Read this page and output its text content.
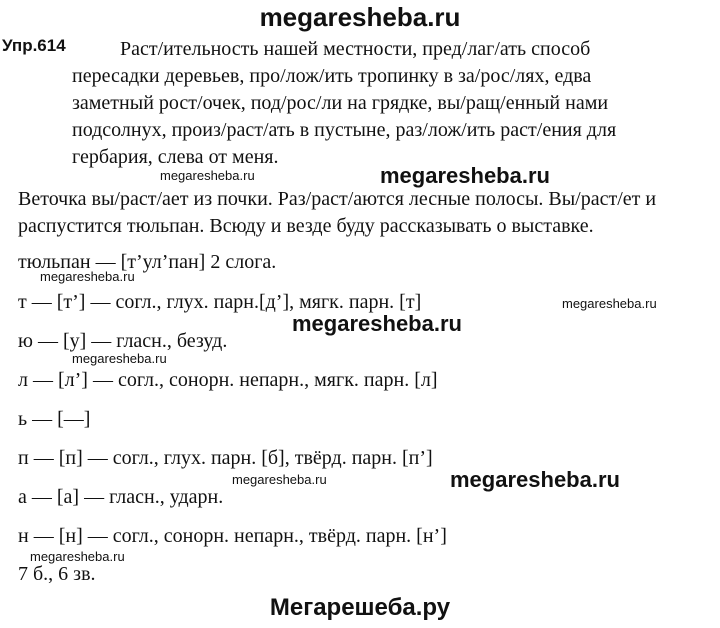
megaresheba.ru
Упр.614	Раст/ительность нашей местности, пред/лаг/ать способ
пересадки деревьев, про/лож/ить тропинку в за/рос/лях, едва
заметный рост/очек, под/рос/ли на грядке, вы/ращ/енный нами
подсолнух, произ/раст/ать в пустыне, раз/лож/ить раст/ения для
гербария, слева от меня.
Веточка вы/раст/ает из почки. Раз/раст/аются лесные полосы. Вы/раст/ет и
распустится тюльпан. Всюду и везде буду рассказывать о выставке.
тюльпан — [т’ул’пан] 2 слога.
т — [т’] — согл., глух. парн.[д’], мягк. парн. [т]
ю — [у] — гласн., безуд.
л — [л’] — согл., сонорн. непарн., мягк. парн. [л]
ь — [—]
п — [п] — согл., глух. парн. [б], твёрд. парн. [п’]
а — [а] — гласн., ударн.
н — [н] — согл., сонорн. непарн., твёрд. парн. [н’]
7 б., 6 зв.
megaresheba.ru	megaresheba.ru
megaresheba.ru
megaresheba.ru
megaresheba.ru
megaresheba.ru
megaresheba.ru	megaresheba.ru
megaresheba.ru
Мегарешеба.ру
